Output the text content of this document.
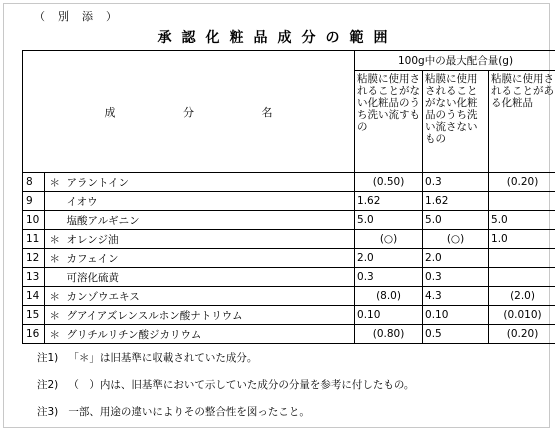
（　別　添　）
承認化粧品成分の範囲
成 分 名			100g中の最大配合量(g)		
			粘膜に使用されることがない化粧品のうち洗い流すもの	粘膜に使用されることがない化粧品のうち洗い流さないもの	粘膜に使用されることがある化粧品
8	＊	アラントイン	(0.50)	0.3	(0.20)
9		イオウ	1.62	1.62	
10		塩酸アルギニン	5.0	5.0	5.0
11	＊	オレンジ油	(○)	(○)	1.0
12	＊	カフェイン	2.0	2.0	
13		可溶化硫黄	0.3	0.3	
14	＊	カンゾウエキス	(8.0)	4.3	(2.0)
15	＊	グアイアズレンスルホン酸ナトリウム	0.10	0.10	(0.010)
16	＊	グリチルリチン酸ジカリウム	(0.80)	0.5	(0.20)
注1) 「＊」は旧基準に収載されていた成分。
注2) （　）内は、旧基準において示していた成分の分量を参考に付したもの。
注3) 一部、用途の違いによりその整合性を図ったこと。
